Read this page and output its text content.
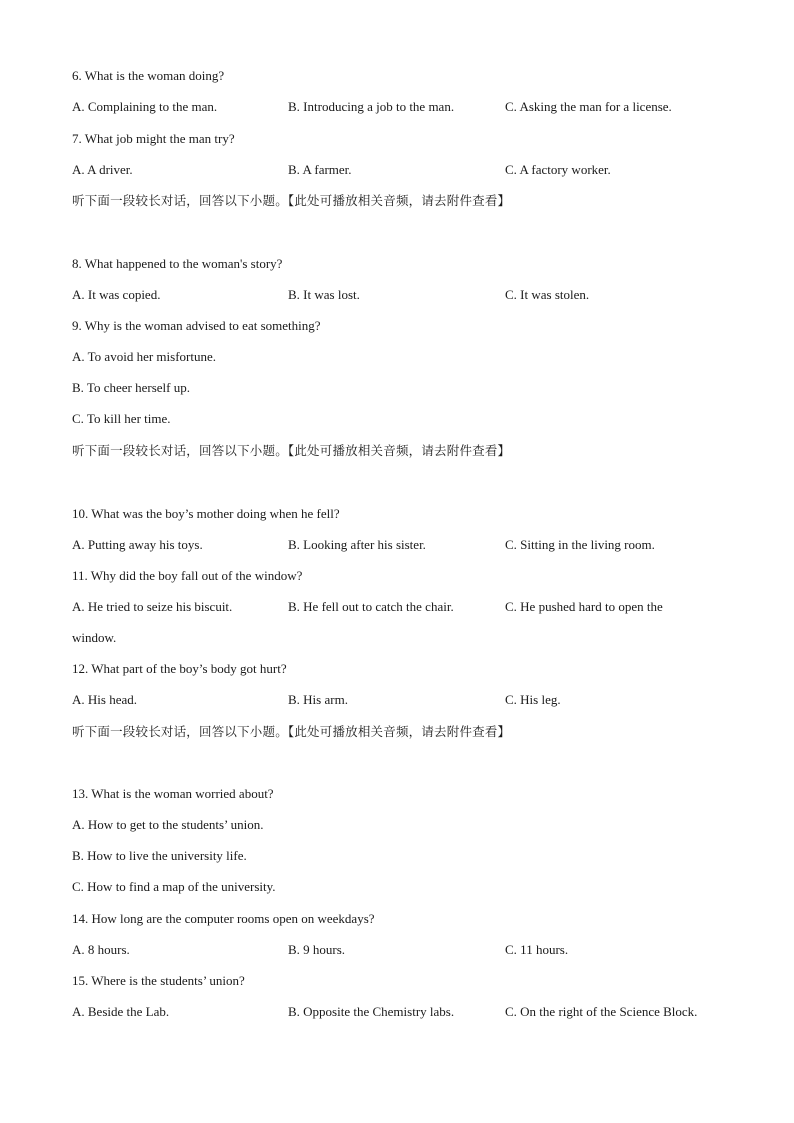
6. What is the woman doing?
A. Complaining to the man.	B. Introducing a job to the man.	C. Asking the man for a license.
7. What job might the man try?
A. A driver.	B. A farmer.	C. A factory worker.
听下面一段较长对话，回答以下小题。【此处可播放相关音频，请去附件查看】
8. What happened to the woman's story?
A. It was copied.	B. It was lost.	C. It was stolen.
9. Why is the woman advised to eat something?
A. To avoid her misfortune.
B. To cheer herself up.
C. To kill her time.
听下面一段较长对话，回答以下小题。【此处可播放相关音频，请去附件查看】
10. What was the boy’s mother doing when he fell?
A. Putting away his toys.	B. Looking after his sister.	C. Sitting in the living room.
11. Why did the boy fall out of the window?
A. He tried to seize his biscuit.	B. He fell out to catch the chair.	C. He pushed hard to open the
window.
12. What part of the boy’s body got hurt?
A. His head.	B. His arm.	C. His leg.
听下面一段较长对话，回答以下小题。【此处可播放相关音频，请去附件查看】
13. What is the woman worried about?
A. How to get to the students’ union.
B. How to live the university life.
C. How to find a map of the university.
14. How long are the computer rooms open on weekdays?
A. 8 hours.	B. 9 hours.	C. 11 hours.
15. Where is the students’ union?
A. Beside the Lab.	B. Opposite the Chemistry labs.	C. On the right of the Science Block.
